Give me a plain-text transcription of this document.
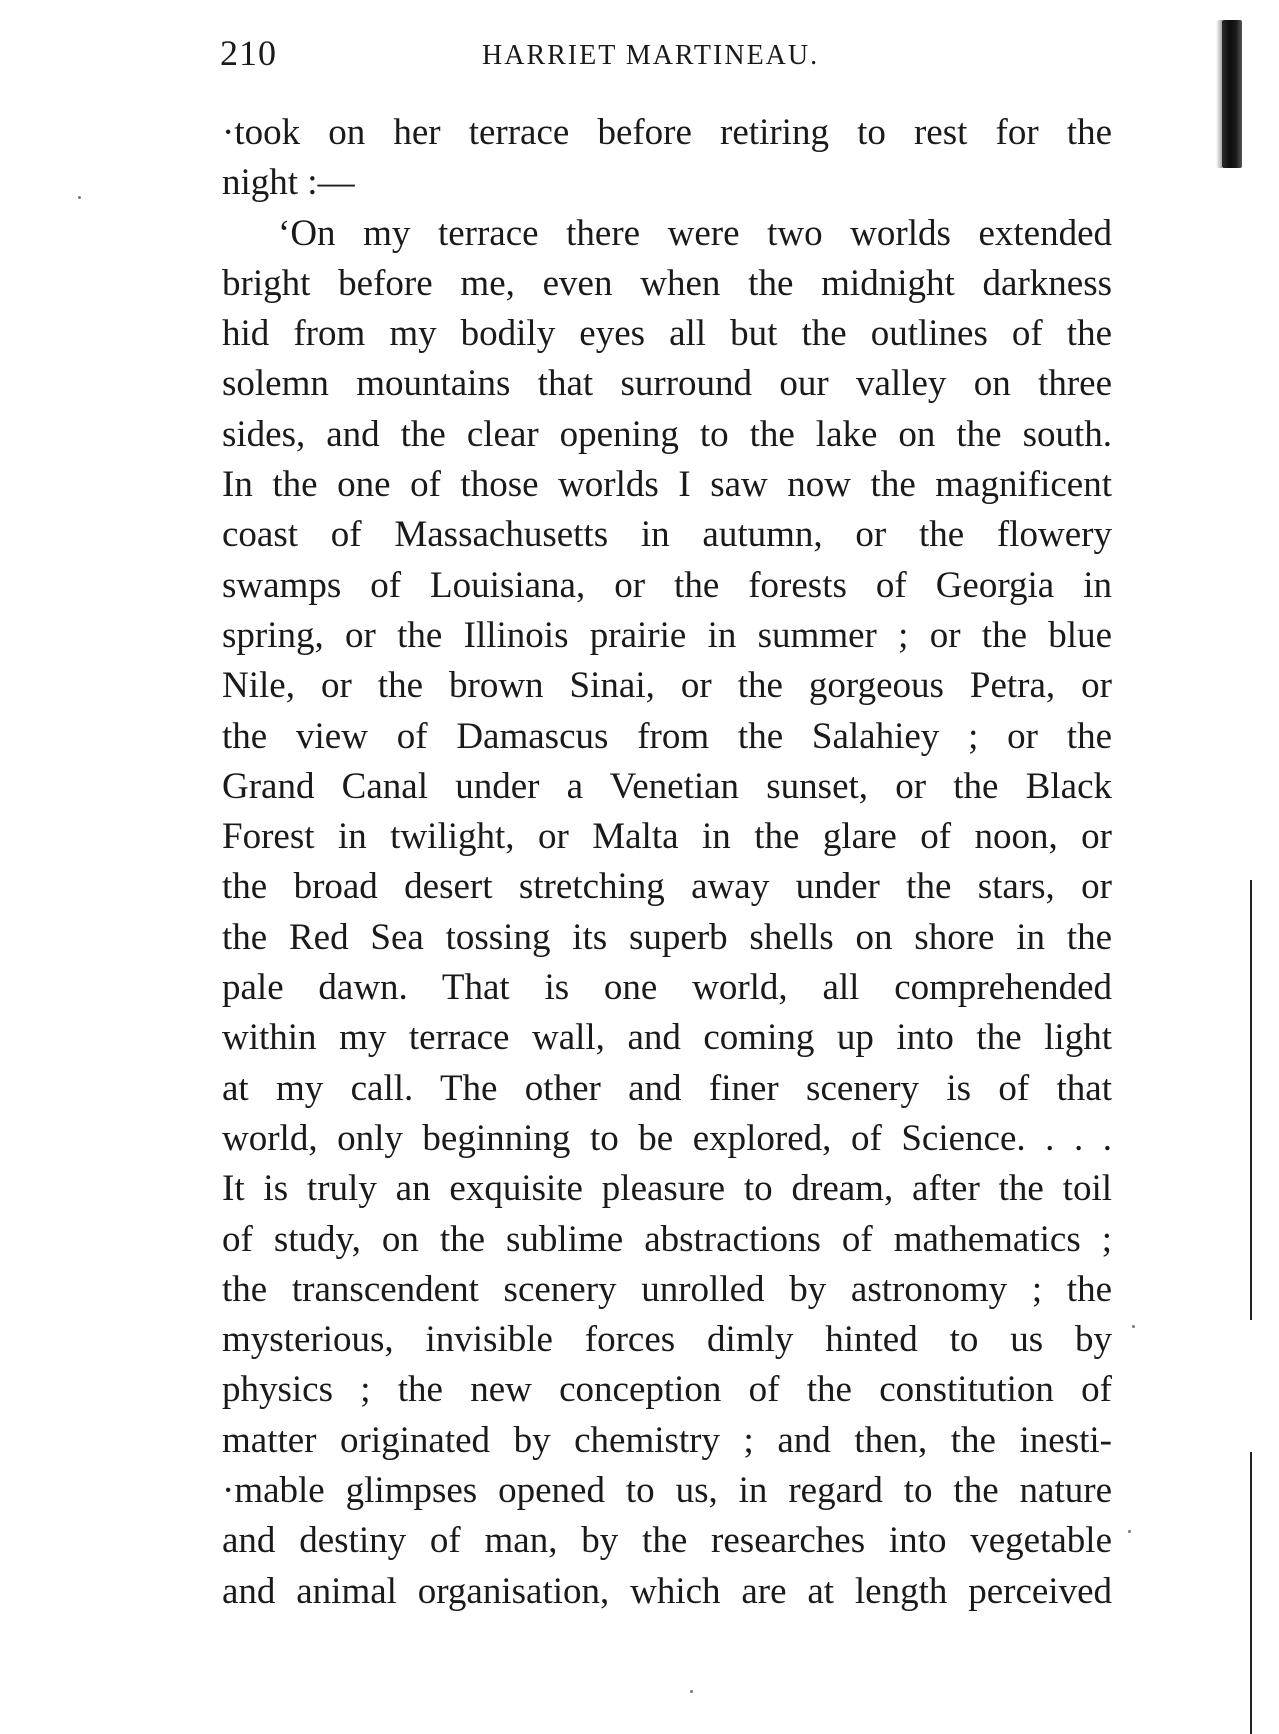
210	HARRIET MARTINEAU.
·took on her terrace before retiring to rest for the
night :—
‘On my terrace there were two worlds extended
bright before me, even when the midnight darkness
hid from my bodily eyes all but the outlines of the
solemn mountains that surround our valley on three
sides, and the clear opening to the lake on the south.
In the one of those worlds I saw now the magnificent
coast of Massachusetts in autumn, or the flowery
swamps of Louisiana, or the forests of Georgia in
spring, or the Illinois prairie in summer ; or the blue
Nile, or the brown Sinai, or the gorgeous Petra, or
the view of Damascus from the Salahiey ; or the
Grand Canal under a Venetian sunset, or the Black
Forest in twilight, or Malta in the glare of noon, or
the broad desert stretching away under the stars, or
the Red Sea tossing its superb shells on shore in the
pale dawn. That is one world, all comprehended
within my terrace wall, and coming up into the light
at my call. The other and finer scenery is of that
world, only beginning to be explored, of Science. . . .
It is truly an exquisite pleasure to dream, after the toil
of study, on the sublime abstractions of mathematics ;
the transcendent scenery unrolled by astronomy ; the
mysterious, invisible forces dimly hinted to us by
physics ; the new conception of the constitution of
matter originated by chemistry ; and then, the inesti-
·mable glimpses opened to us, in regard to the nature
and destiny of man, by the researches into vegetable
and animal organisation, which are at length perceived
